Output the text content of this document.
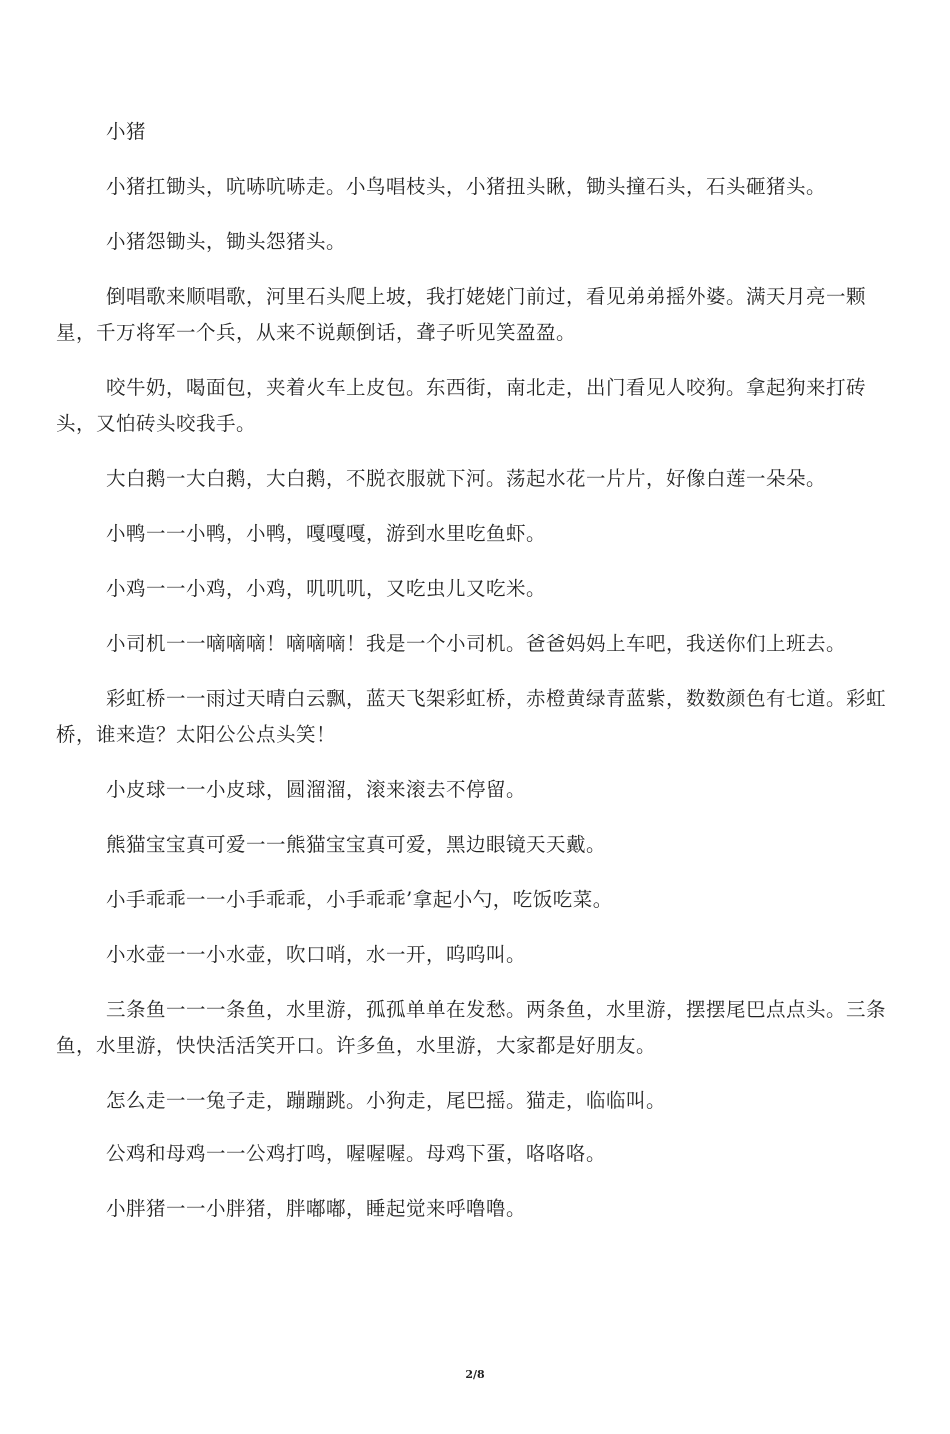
小猪

小猪扛锄头，吭哧吭哧走。小鸟唱枝头，小猪扭头瞅，锄头撞石头，石头砸猪头。

小猪怨锄头，锄头怨猪头。

倒唱歌来顺唱歌，河里石头爬上坡，我打姥姥门前过，看见弟弟摇外婆。满天月亮一颗星，千万将军一个兵，从来不说颠倒话，聋子听见笑盈盈。

咬牛奶，喝面包，夹着火车上皮包。东西街，南北走，出门看见人咬狗。拿起狗来打砖头，又怕砖头咬我手。

大白鹅一大白鹅，大白鹅，不脱衣服就下河。荡起水花一片片，好像白莲一朵朵。

小鸭一一小鸭，小鸭，嘎嘎嘎，游到水里吃鱼虾。

小鸡一一小鸡，小鸡，叽叽叽，又吃虫儿又吃米。

小司机一一嘀嘀嘀！嘀嘀嘀！我是一个小司机。爸爸妈妈上车吧，我送你们上班去。

彩虹桥一一雨过天晴白云飘，蓝天飞架彩虹桥，赤橙黄绿青蓝紫，数数颜色有七道。彩虹桥，谁来造？太阳公公点头笑！

小皮球一一小皮球，圆溜溜，滚来滚去不停留。

熊猫宝宝真可爱一一熊猫宝宝真可爱，黑边眼镜天天戴。

小手乖乖一一小手乖乖，小手乖乖’拿起小勺，吃饭吃菜。

小水壶一一小水壶，吹口哨，水一开，呜呜叫。

三条鱼一一一条鱼，水里游，孤孤单单在发愁。两条鱼，水里游，摆摆尾巴点点头。三条鱼，水里游，快快活活笑开口。许多鱼，水里游，大家都是好朋友。

怎么走一一兔子走，蹦蹦跳。小狗走，尾巴摇。猫走，临临叫。

公鸡和母鸡一一公鸡打鸣，喔喔喔。母鸡下蛋，咯咯咯。

小胖猪一一小胖猪，胖嘟嘟，睡起觉来呼噜噜。

2/8
